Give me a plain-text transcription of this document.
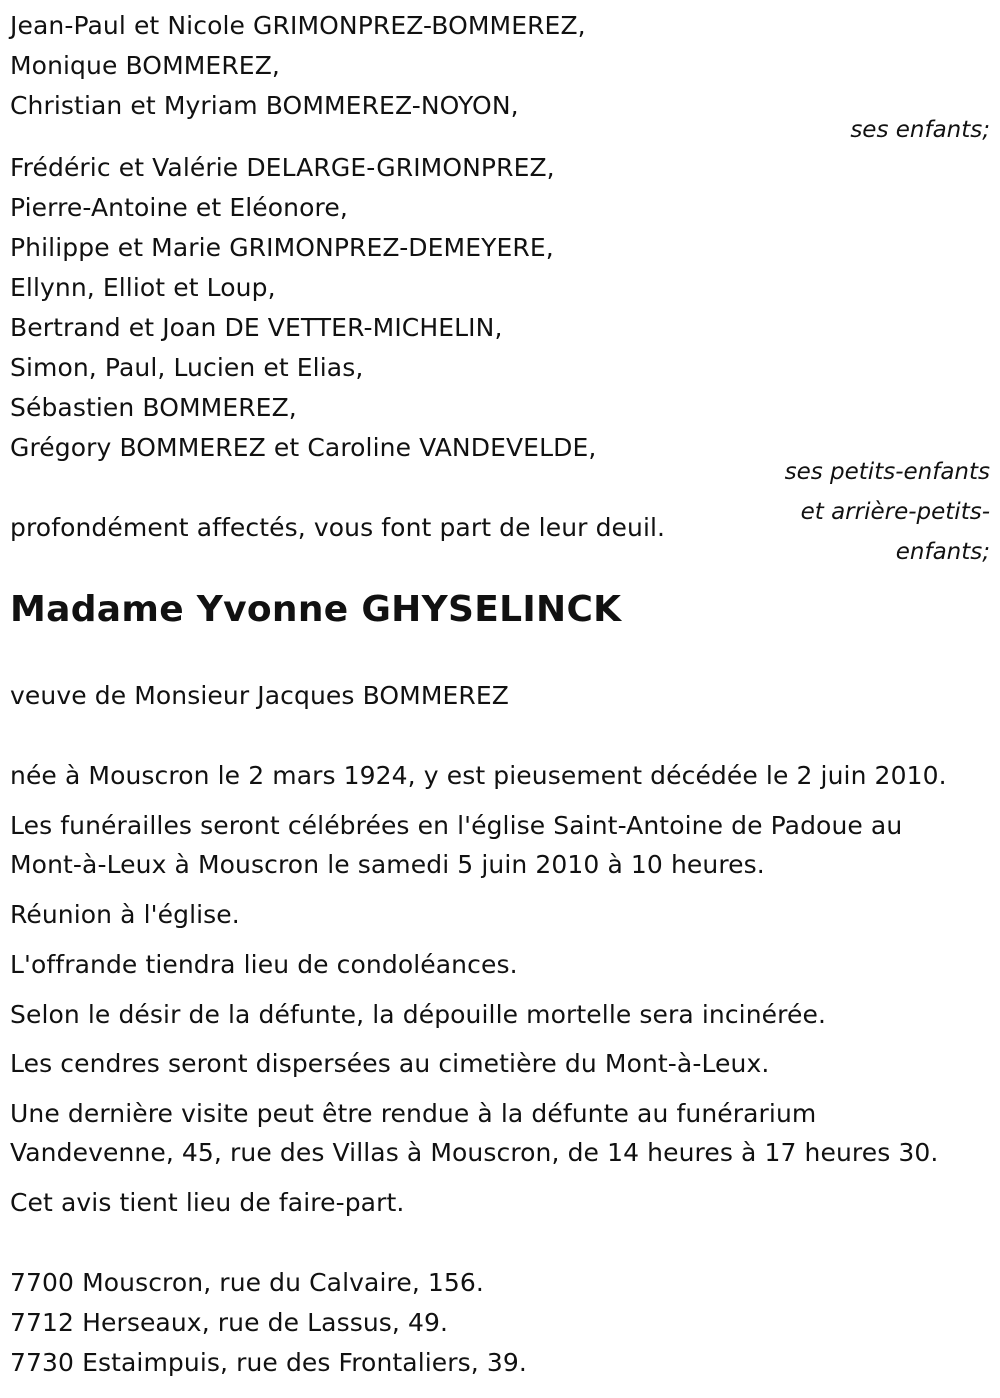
Jean-Paul et Nicole GRIMONPREZ-BOMMEREZ,
Monique BOMMEREZ,
Christian et Myriam BOMMEREZ-NOYON,
ses enfants;
Frédéric et Valérie DELARGE-GRIMONPREZ,
Pierre-Antoine et Eléonore,
Philippe et Marie GRIMONPREZ-DEMEYERE,
Ellynn, Elliot et Loup,
Bertrand et Joan DE VETTER-MICHELIN,
Simon, Paul, Lucien et Elias,
Sébastien BOMMEREZ,
Grégory BOMMEREZ et Caroline VANDEVELDE,
ses petits-enfants
et arrière-petits-
enfants;
profondément affectés, vous font part de leur deuil.
Madame Yvonne GHYSELINCK
veuve de Monsieur Jacques BOMMEREZ
née à Mouscron le 2 mars 1924, y est pieusement décédée le 2 juin 2010.
Les funérailles seront célébrées en l'église Saint-Antoine de Padoue au
Mont-à-Leux à Mouscron le samedi 5 juin 2010 à 10 heures.
Réunion à l'église.
L'offrande tiendra lieu de condoléances.
Selon le désir de la défunte, la dépouille mortelle sera incinérée.
Les cendres seront dispersées au cimetière du Mont-à-Leux.
Une dernière visite peut être rendue à la défunte au funérarium
Vandevenne, 45, rue des Villas à Mouscron, de 14 heures à 17 heures 30.
Cet avis tient lieu de faire-part.
7700 Mouscron, rue du Calvaire, 156.
7712 Herseaux, rue de Lassus, 49.
7730 Estaimpuis, rue des Frontaliers, 39.
